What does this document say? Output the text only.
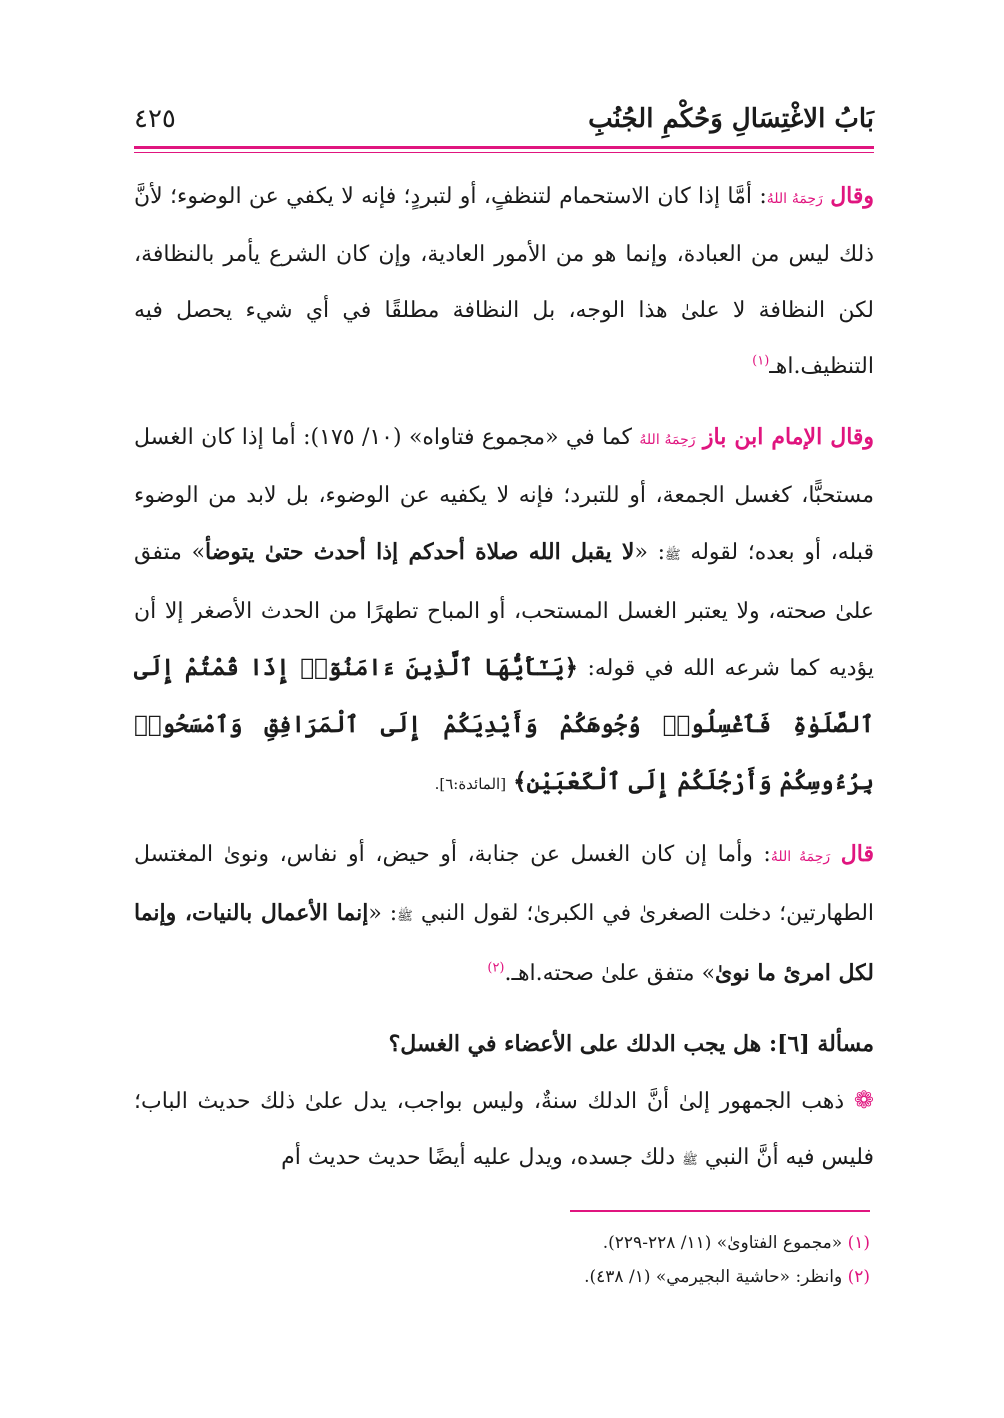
بَابُ الاغْتِسَالِ وَحُكْمِ الجُنُبِ
٤٢٥

وقال رَحِمَهُ اللهُ: أمَّا إذا كان الاستحمام لتنظفٍ، أو لتبردٍ؛ فإنه لا يكفي عن الوضوء؛ لأنَّ ذلك ليس من العبادة، وإنما هو من الأمور العادية، وإن كان الشرع يأمر بالنظافة، لكن النظافة لا علىٰ هذا الوجه، بل النظافة مطلقًا في أي شيء يحصل فيه التنظيف.اهـ$^{(١)}$

وقال الإمام ابن باز رَحِمَهُ اللهُ كما في «مجموع فتاواه» (١٠/ ١٧٥): أما إذا كان الغسل مستحبًّا، كغسل الجمعة، أو للتبرد؛ فإنه لا يكفيه عن الوضوء، بل لابد من الوضوء قبله، أو بعده؛ لقوله ﷺ: «لا يقبل الله صلاة أحدكم إذا أحدث حتىٰ يتوضأ» متفق علىٰ صحته، ولا يعتبر الغسل المستحب، أو المباح تطهرًا من الحدث الأصغر إلا أن يؤديه كما شرعه الله في قوله: ﴿يَـٰٓأَيُّهَا ٱلَّذِينَ ءَامَنُوٓا۟ إِذَا قُمْتُمْ إِلَى ٱلصَّلَوٰةِ فَٱغْسِلُوا۟ وُجُوهَكُمْ وَأَيْدِيَكُمْ إِلَى ٱلْمَرَافِقِ وَٱمْسَحُوا۟ بِرُءُوسِكُمْ وَأَرْجُلَكُمْ إِلَى ٱلْكَعْبَيْنِ﴾ [المائدة:٦].

قال رَحِمَهُ اللهُ: وأما إن كان الغسل عن جنابة، أو حيض، أو نفاس، ونوىٰ المغتسل الطهارتين؛ دخلت الصغرىٰ في الكبرىٰ؛ لقول النبي ﷺ: «إنما الأعمال بالنيات، وإنما لكل امرئ ما نوىٰ» متفق علىٰ صحته.اهـ.$^{(٢)}$

مسألة [٦]: هل يجب الدلك على الأعضاء في الغسل؟

❁ ذهب الجمهور إلىٰ أنَّ الدلك سنةٌ، وليس بواجب، يدل علىٰ ذلك حديث الباب؛ فليس فيه أنَّ النبي ﷺ دلك جسده، ويدل عليه أيضًا حديث حديث أم

(١) «مجموع الفتاوىٰ» (١١/ ٢٢٨-٢٢٩).

(٢) وانظر: «حاشية البجيرمي» (١/ ٤٣٨).
